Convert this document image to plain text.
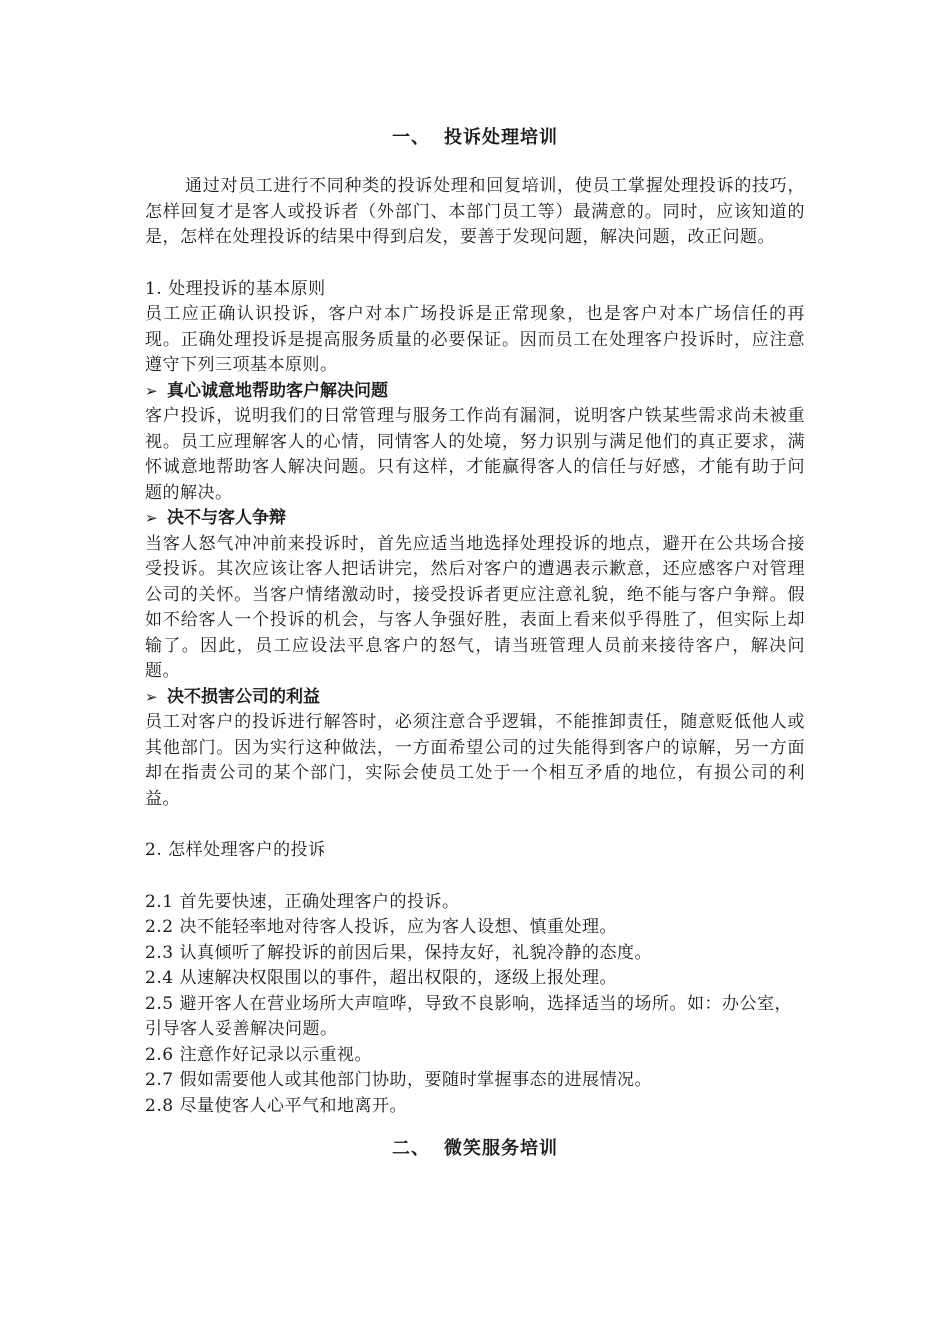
一、 投诉处理培训

通过对员工进行不同种类的投诉处理和回复培训，使员工掌握处理投诉的技巧，怎样回复才是客人或投诉者（外部门、本部门员工等）最满意的。同时，应该知道的是，怎样在处理投诉的结果中得到启发，要善于发现问题，解决问题，改正问题。

1. 处理投诉的基本原则

员工应正确认识投诉，客户对本广场投诉是正常现象，也是客户对本广场信任的再现。正确处理投诉是提高服务质量的必要保证。因而员工在处理客户投诉时，应注意遵守下列三项基本原则。

➢ 真心诚意地帮助客户解决问题

客户投诉，说明我们的日常管理与服务工作尚有漏洞，说明客户铁某些需求尚未被重视。员工应理解客人的心情，同情客人的处境，努力识别与满足他们的真正要求，满怀诚意地帮助客人解决问题。只有这样，才能赢得客人的信任与好感，才能有助于问题的解决。

➢ 决不与客人争辩

当客人怒气冲冲前来投诉时，首先应适当地选择处理投诉的地点，避开在公共场合接受投诉。其次应该让客人把话讲完，然后对客户的遭遇表示歉意，还应感客户对管理公司的关怀。当客户情绪激动时，接受投诉者更应注意礼貌，绝不能与客户争辩。假如不给客人一个投诉的机会，与客人争强好胜，表面上看来似乎得胜了，但实际上却输了。因此，员工应设法平息客户的怒气，请当班管理人员前来接待客户，解决问题。

➢ 决不损害公司的利益

员工对客户的投诉进行解答时，必须注意合乎逻辑，不能推卸责任，随意贬低他人或其他部门。因为实行这种做法，一方面希望公司的过失能得到客户的谅解，另一方面却在指责公司的某个部门，实际会使员工处于一个相互矛盾的地位，有损公司的利益。

2. 怎样处理客户的投诉

2.1 首先要快速，正确处理客户的投诉。
2.2 决不能轻率地对待客人投诉，应为客人设想、慎重处理。
2.3 认真倾听了解投诉的前因后果，保持友好，礼貌冷静的态度。
2.4 从速解决权限围以的事件，超出权限的，逐级上报处理。
2.5 避开客人在营业场所大声喧哗，导致不良影响，选择适当的场所。如：办公室，引导客人妥善解决问题。
2.6 注意作好记录以示重视。
2.7 假如需要他人或其他部门协助，要随时掌握事态的进展情况。
2.8 尽量使客人心平气和地离开。
二、 微笑服务培训
